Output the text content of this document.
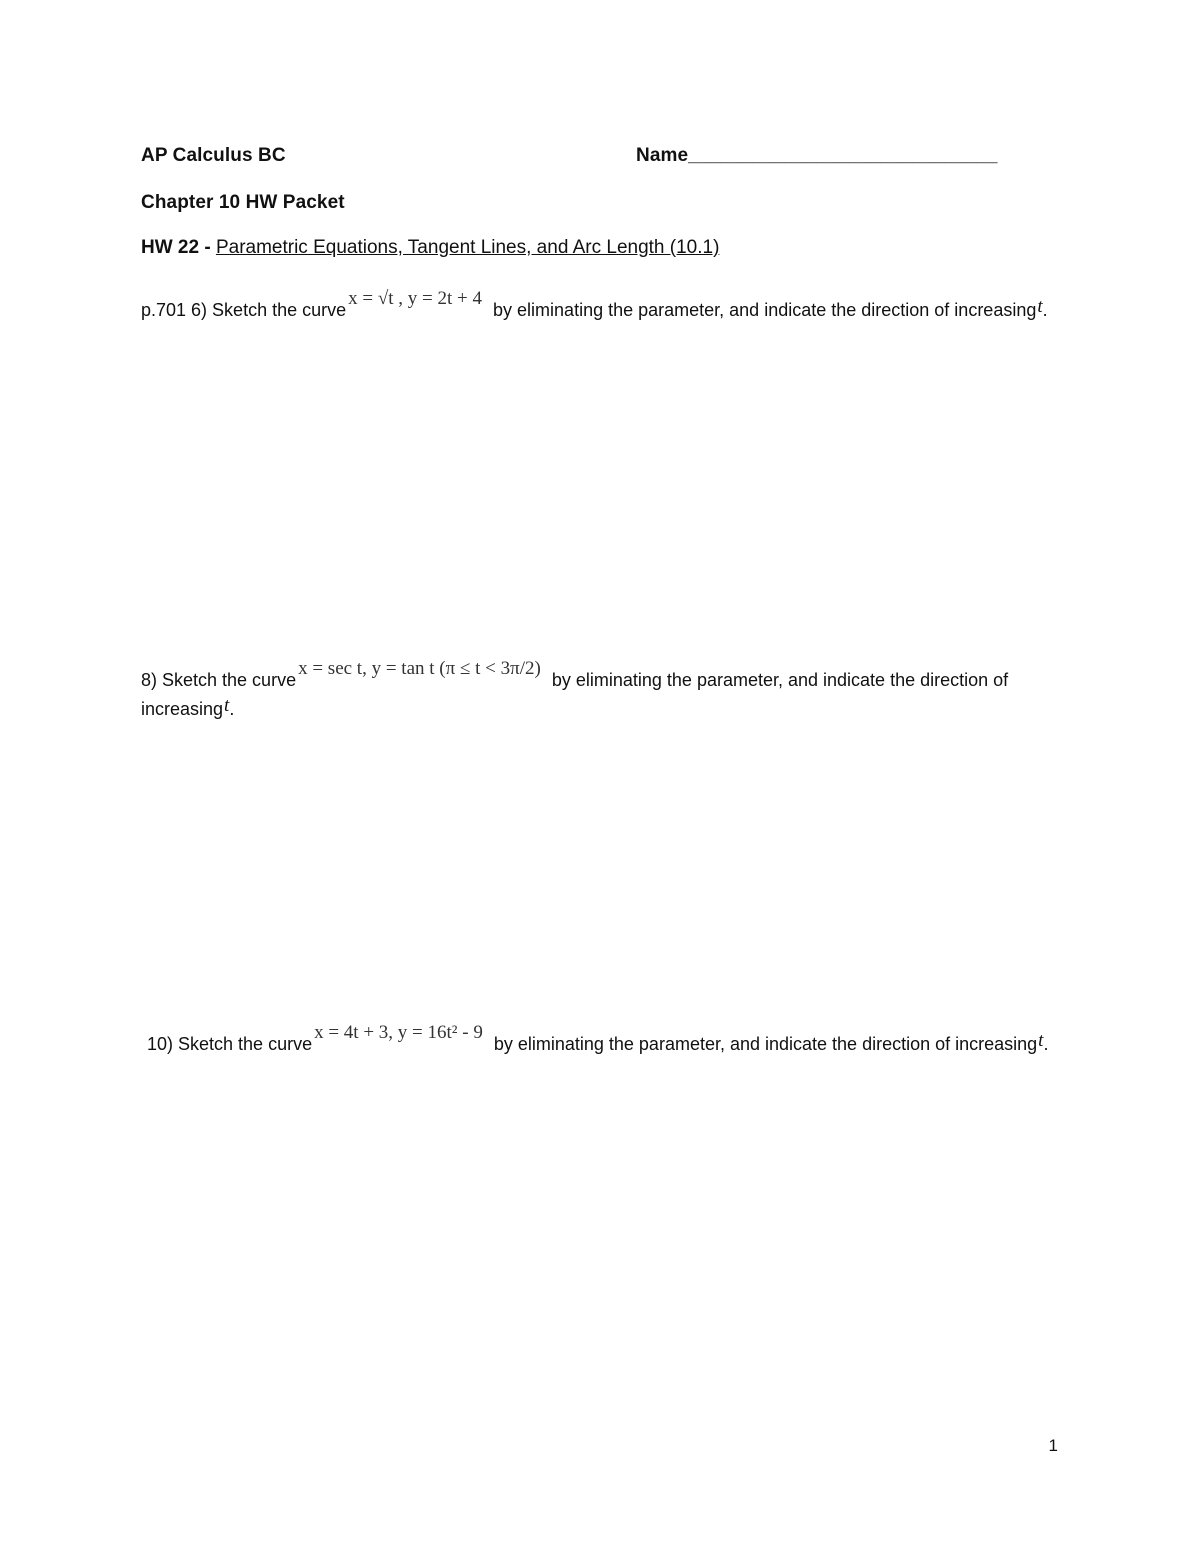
AP Calculus BC	Name_____________________________
Chapter 10 HW Packet
HW 22 - Parametric Equations, Tangent Lines, and Arc Length (10.1)
p.701 6) Sketch the curvex = √t , y = 2t + 4 by eliminating the parameter, and indicate the direction of increasingt.
8) Sketch the curvex = sec t, y = tan t (π ≤ t < 3π/2) by eliminating the parameter, and indicate the direction of increasingt.
10) Sketch the curvex = 4t + 3, y = 16t² - 9 by eliminating the parameter, and indicate the direction of increasingt.
1
